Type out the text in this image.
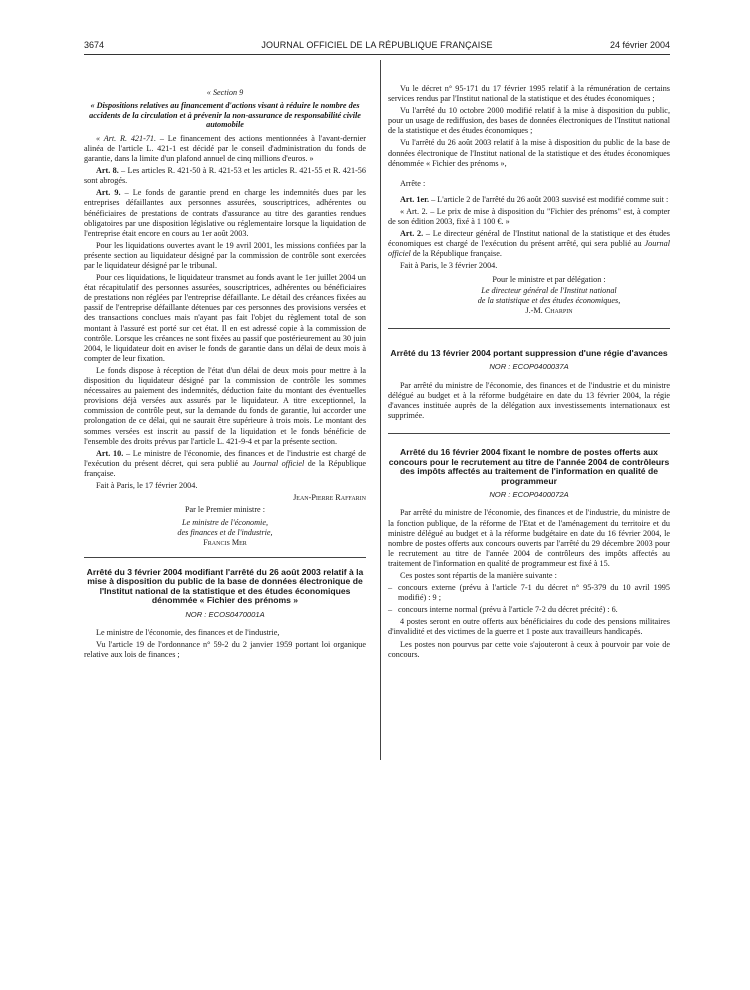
3674	JOURNAL OFFICIEL DE LA RÉPUBLIQUE FRANÇAISE	24 février 2004

« Section 9

« Dispositions relatives au financement d'actions visant à réduire le nombre des accidents de la circulation et à prévenir la non-assurance de responsabilité civile automobile

« Art. R. 421-71. – Le financement des actions mentionnées à l'avant-dernier alinéa de l'article L. 421-1 est décidé par le conseil d'administration du fonds de garantie, dans la limite d'un plafond annuel de cinq millions d'euros. »

Art. 8. – Les articles R. 421-50 à R. 421-53 et les articles R. 421-55 et R. 421-56 sont abrogés.

Art. 9. – Le fonds de garantie prend en charge les indemnités dues par les entreprises défaillantes aux personnes assurées, souscriptrices, adhérentes ou bénéficiaires de prestations de contrats d'assurance au titre des garanties rendues obligatoires par une disposition législative ou réglementaire lorsque la liquidation de l'entreprise était encore en cours au 1er août 2003.

Pour les liquidations ouvertes avant le 19 avril 2001, les missions confiées par la présente section au liquidateur désigné par la commission de contrôle sont exercées par le liquidateur désigné par le tribunal.

Pour ces liquidations, le liquidateur transmet au fonds avant le 1er juillet 2004 un état récapitulatif des personnes assurées, souscriptrices, adhérentes ou bénéficiaires de prestations non réglées par l'entreprise défaillante. Le détail des créances fixées au passif de l'entreprise défaillante détenues par ces personnes des provisions versées et des transactions conclues mais n'ayant pas fait l'objet du règlement total de son montant à l'assuré est porté sur cet état. Il en est adressé copie à la commission de contrôle. Lorsque les créances ne sont fixées au passif que postérieurement au 30 juin 2004, le liquidateur doit en aviser le fonds de garantie dans un délai de deux mois à compter de leur fixation.

Le fonds dispose à réception de l'état d'un délai de deux mois pour mettre à la disposition du liquidateur désigné par la commission de contrôle les sommes nécessaires au paiement des indemnités, déduction faite du montant des éventuelles provisions déjà versées aux assurés par le liquidateur. A titre exceptionnel, la commission de contrôle peut, sur la demande du fonds de garantie, lui accorder une prolongation de ce délai, qui ne saurait être supérieure à trois mois. Le montant des sommes versées est inscrit au passif de la liquidation et le fonds bénéficie de l'ensemble des droits prévus par l'article L. 421-9-4 et par la présente section.

Art. 10. – Le ministre de l'économie, des finances et de l'industrie est chargé de l'exécution du présent décret, qui sera publié au Journal officiel de la République française.

Fait à Paris, le 17 février 2004.

Jean-Pierre Raffarin

Par le Premier ministre :

Le ministre de l'économie,

des finances et de l'industrie,

Francis Mer

Arrêté du 3 février 2004 modifiant l'arrêté du 26 août 2003 relatif à la mise à disposition du public de la base de données électronique de l'Institut national de la statistique et des études économiques dénommée « Fichier des prénoms »

NOR : ECOS0470001A

Le ministre de l'économie, des finances et de l'industrie,

Vu l'article 19 de l'ordonnance n° 59-2 du 2 janvier 1959 portant loi organique relative aux lois de finances ;

Vu le décret n° 95-171 du 17 février 1995 relatif à la rémunération de certains services rendus par l'Institut national de la statistique et des études économiques ;

Vu l'arrêté du 10 octobre 2000 modifié relatif à la mise à disposition du public, pour un usage de rediffusion, des bases de données électroniques de l'Institut national de la statistique et des études économiques ;

Vu l'arrêté du 26 août 2003 relatif à la mise à disposition du public de la base de données électronique de l'Institut national de la statistique et des études économiques dénommée « Fichier des prénoms »,

Arrête :

Art. 1er. – L'article 2 de l'arrêté du 26 août 2003 susvisé est modifié comme suit :

« Art. 2. – Le prix de mise à disposition du "Fichier des prénoms" est, à compter de son édition 2003, fixé à 1 100 €. »

Art. 2. – Le directeur général de l'Institut national de la statistique et des études économiques est chargé de l'exécution du présent arrêté, qui sera publié au Journal officiel de la République française.

Fait à Paris, le 3 février 2004.

Pour le ministre et par délégation :

Le directeur général de l'Institut national

de la statistique et des études économiques,

J.-M. Charpin

Arrêté du 13 février 2004 portant suppression d'une régie d'avances

NOR : ECOP0400037A

Par arrêté du ministre de l'économie, des finances et de l'industrie et du ministre délégué au budget et à la réforme budgétaire en date du 13 février 2004, la régie d'avances instituée auprès de la délégation aux investissements internationaux est supprimée.

Arrêté du 16 février 2004 fixant le nombre de postes offerts aux concours pour le recrutement au titre de l'année 2004 de contrôleurs des impôts affectés au traitement de l'information en qualité de programmeur

NOR : ECOP0400072A

Par arrêté du ministre de l'économie, des finances et de l'industrie, du ministre de la fonction publique, de la réforme de l'Etat et de l'aménagement du territoire et du ministre délégué au budget et à la réforme budgétaire en date du 16 février 2004, le nombre de postes offerts aux concours ouverts par l'arrêté du 29 décembre 2003 pour le recrutement au titre de l'année 2004 de contrôleurs des impôts affectés au traitement de l'information en qualité de programmeur est fixé à 15.

Ces postes sont répartis de la manière suivante :

– concours externe (prévu à l'article 7-1 du décret n° 95-379 du 10 avril 1995 modifié) : 9 ;

– concours interne normal (prévu à l'article 7-2 du décret précité) : 6.

4 postes seront en outre offerts aux bénéficiaires du code des pensions militaires d'invalidité et des victimes de la guerre et 1 poste aux travailleurs handicapés.

Les postes non pourvus par cette voie s'ajouteront à ceux à pourvoir par voie de concours.
